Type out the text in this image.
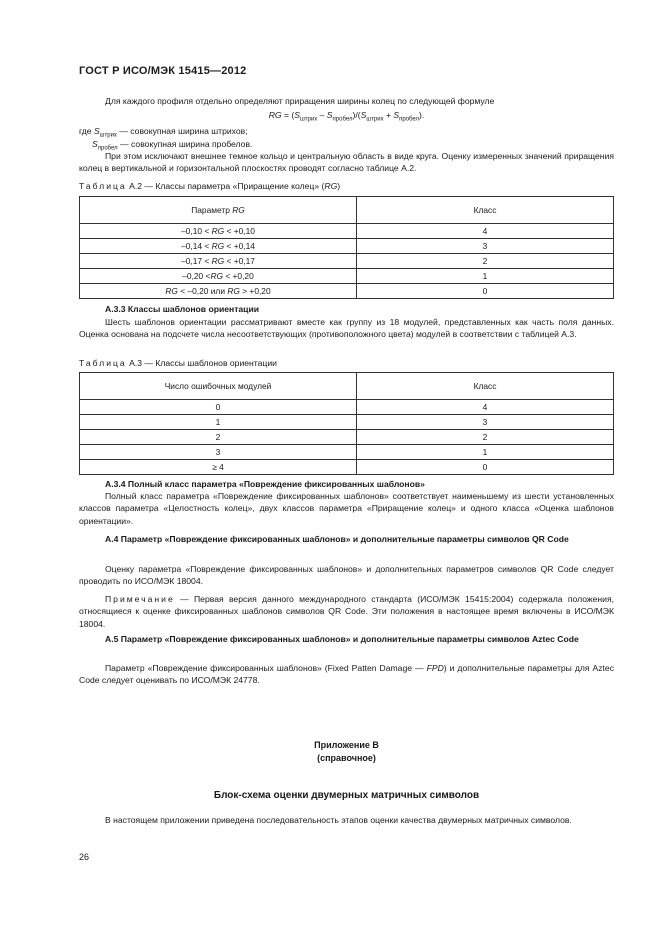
ГОСТ Р ИСО/МЭК 15415—2012
Для каждого профиля отдельно определяют приращения ширины колец по следующей формуле
RG = $(S_{штрих} - S_{пробел})/(S_{штрих} + S_{пробел})$.
где $S_{штрих}$ — совокупная ширина штрихов;
$S_{пробел}$ — совокупная ширина пробелов.
При этом исключают внешнее темное кольцо и центральную область в виде круга. Оценку измеренных значений приращения колец в вертикальной и горизонтальной плоскостях проводят согласно таблице А.2.
Таблица А.2 — Классы параметра «Приращение колец» (RG)
Параметр RG	Класс
–0,10 < RG < +0,10	4
–0,14 < RG < +0,14	3
–0,17 < RG < +0,17	2
–0,20 <RG < +0,20	1
RG < –0,20 или RG > +0,20	0
А.3.3 Классы шаблонов ориентации
Шесть шаблонов ориентации рассматривают вместе как группу из 18 модулей, представленных как часть поля данных. Оценка основана на подсчете числа несоответствующих (противоположного цвета) модулей в соответствии с таблицей А.3.
Таблица А.3 — Классы шаблонов ориентации
Число ошибочных модулей	Класс
0	4
1	3
2	2
3	1
≥ 4	0
А.3.4 Полный класс параметра «Повреждение фиксированных шаблонов»
Полный класс параметра «Повреждение фиксированных шаблонов» соответствует наименьшему из шести установленных классов параметра «Целостность колец», двух классов параметра «Приращение колец» и одного класса «Оценка шаблонов ориентации».
А.4 Параметр «Повреждение фиксированных шаблонов» и дополнительные параметры символов QR Code
Оценку параметра «Повреждение фиксированных шаблонов» и дополнительных параметров символов QR Code следует проводить по ИСО/МЭК 18004.
Примечание — Первая версия данного международного стандарта (ИСО/МЭК 15415:2004) содержала положения, относящиеся к оценке фиксированных шаблонов символов QR Code. Эти положения в настоящее время включены в ИСО/МЭК 18004.
А.5 Параметр «Повреждение фиксированных шаблонов» и дополнительные параметры символов Aztec Code
Параметр «Повреждение фиксированных шаблонов» (Fixed Patten Damage — FPD) и дополнительные параметры для Aztec Code следует оценивать по ИСО/МЭК 24778.
Приложение В
(справочное)
Блок-схема оценки двумерных матричных символов
В настоящем приложении приведена последовательность этапов оценки качества двумерных матричных символов.
26
